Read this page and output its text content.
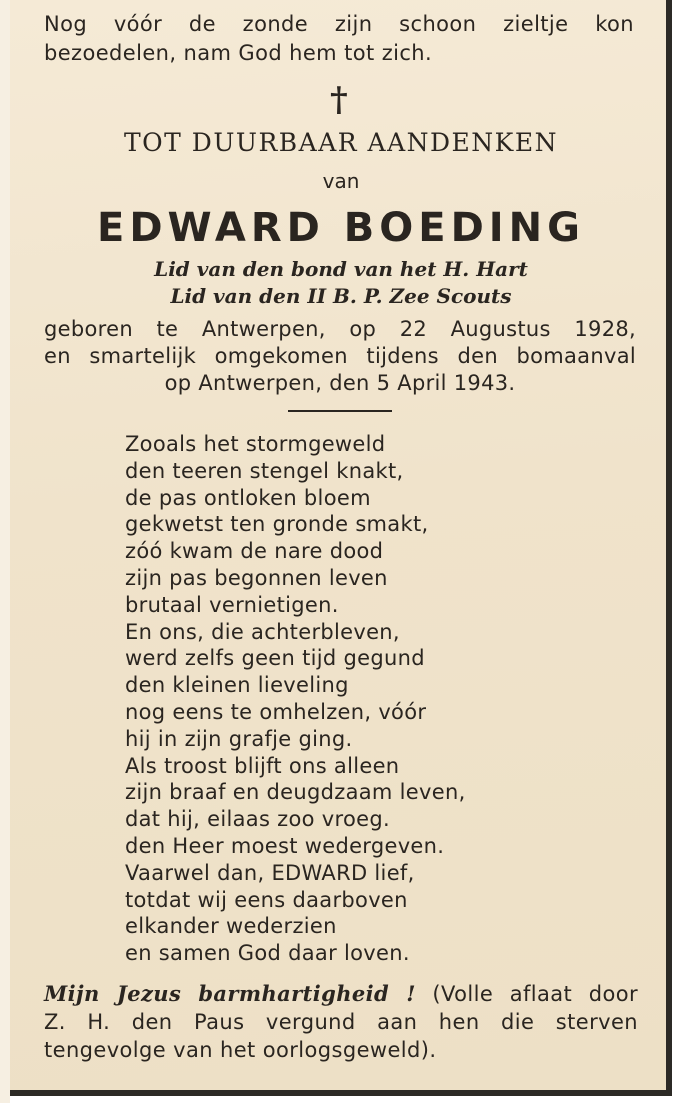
Nog vóór de zonde zijn schoon zieltje kon
bezoedelen, nam God hem tot zich.
†
TOT DUURBAAR AANDENKEN
van
EDWARD BOEDING
Lid van den bond van het H. Hart
Lid van den II B. P. Zee Scouts
geboren te Antwerpen, op 22 Augustus 1928,
en smartelijk omgekomen tijdens den bomaanval
op Antwerpen, den 5 April 1943.
Zooals het stormgeweld
den teeren stengel knakt,
de pas ontloken bloem
gekwetst ten gronde smakt,
zóó kwam de nare dood
zijn pas begonnen leven
brutaal vernietigen.
En ons, die achterbleven,
werd zelfs geen tijd gegund
den kleinen lieveling
nog eens te omhelzen, vóór
hij in zijn grafje ging.
Als troost blijft ons alleen
zijn braaf en deugdzaam leven,
dat hij, eilaas zoo vroeg.
den Heer moest wedergeven.
Vaarwel dan, EDWARD lief,
totdat wij eens daarboven
elkander wederzien
en samen God daar loven.
Mijn Jezus barmhartigheid ! (Volle aflaat door
Z. H. den Paus vergund aan hen die sterven
tengevolge van het oorlogsgeweld).
